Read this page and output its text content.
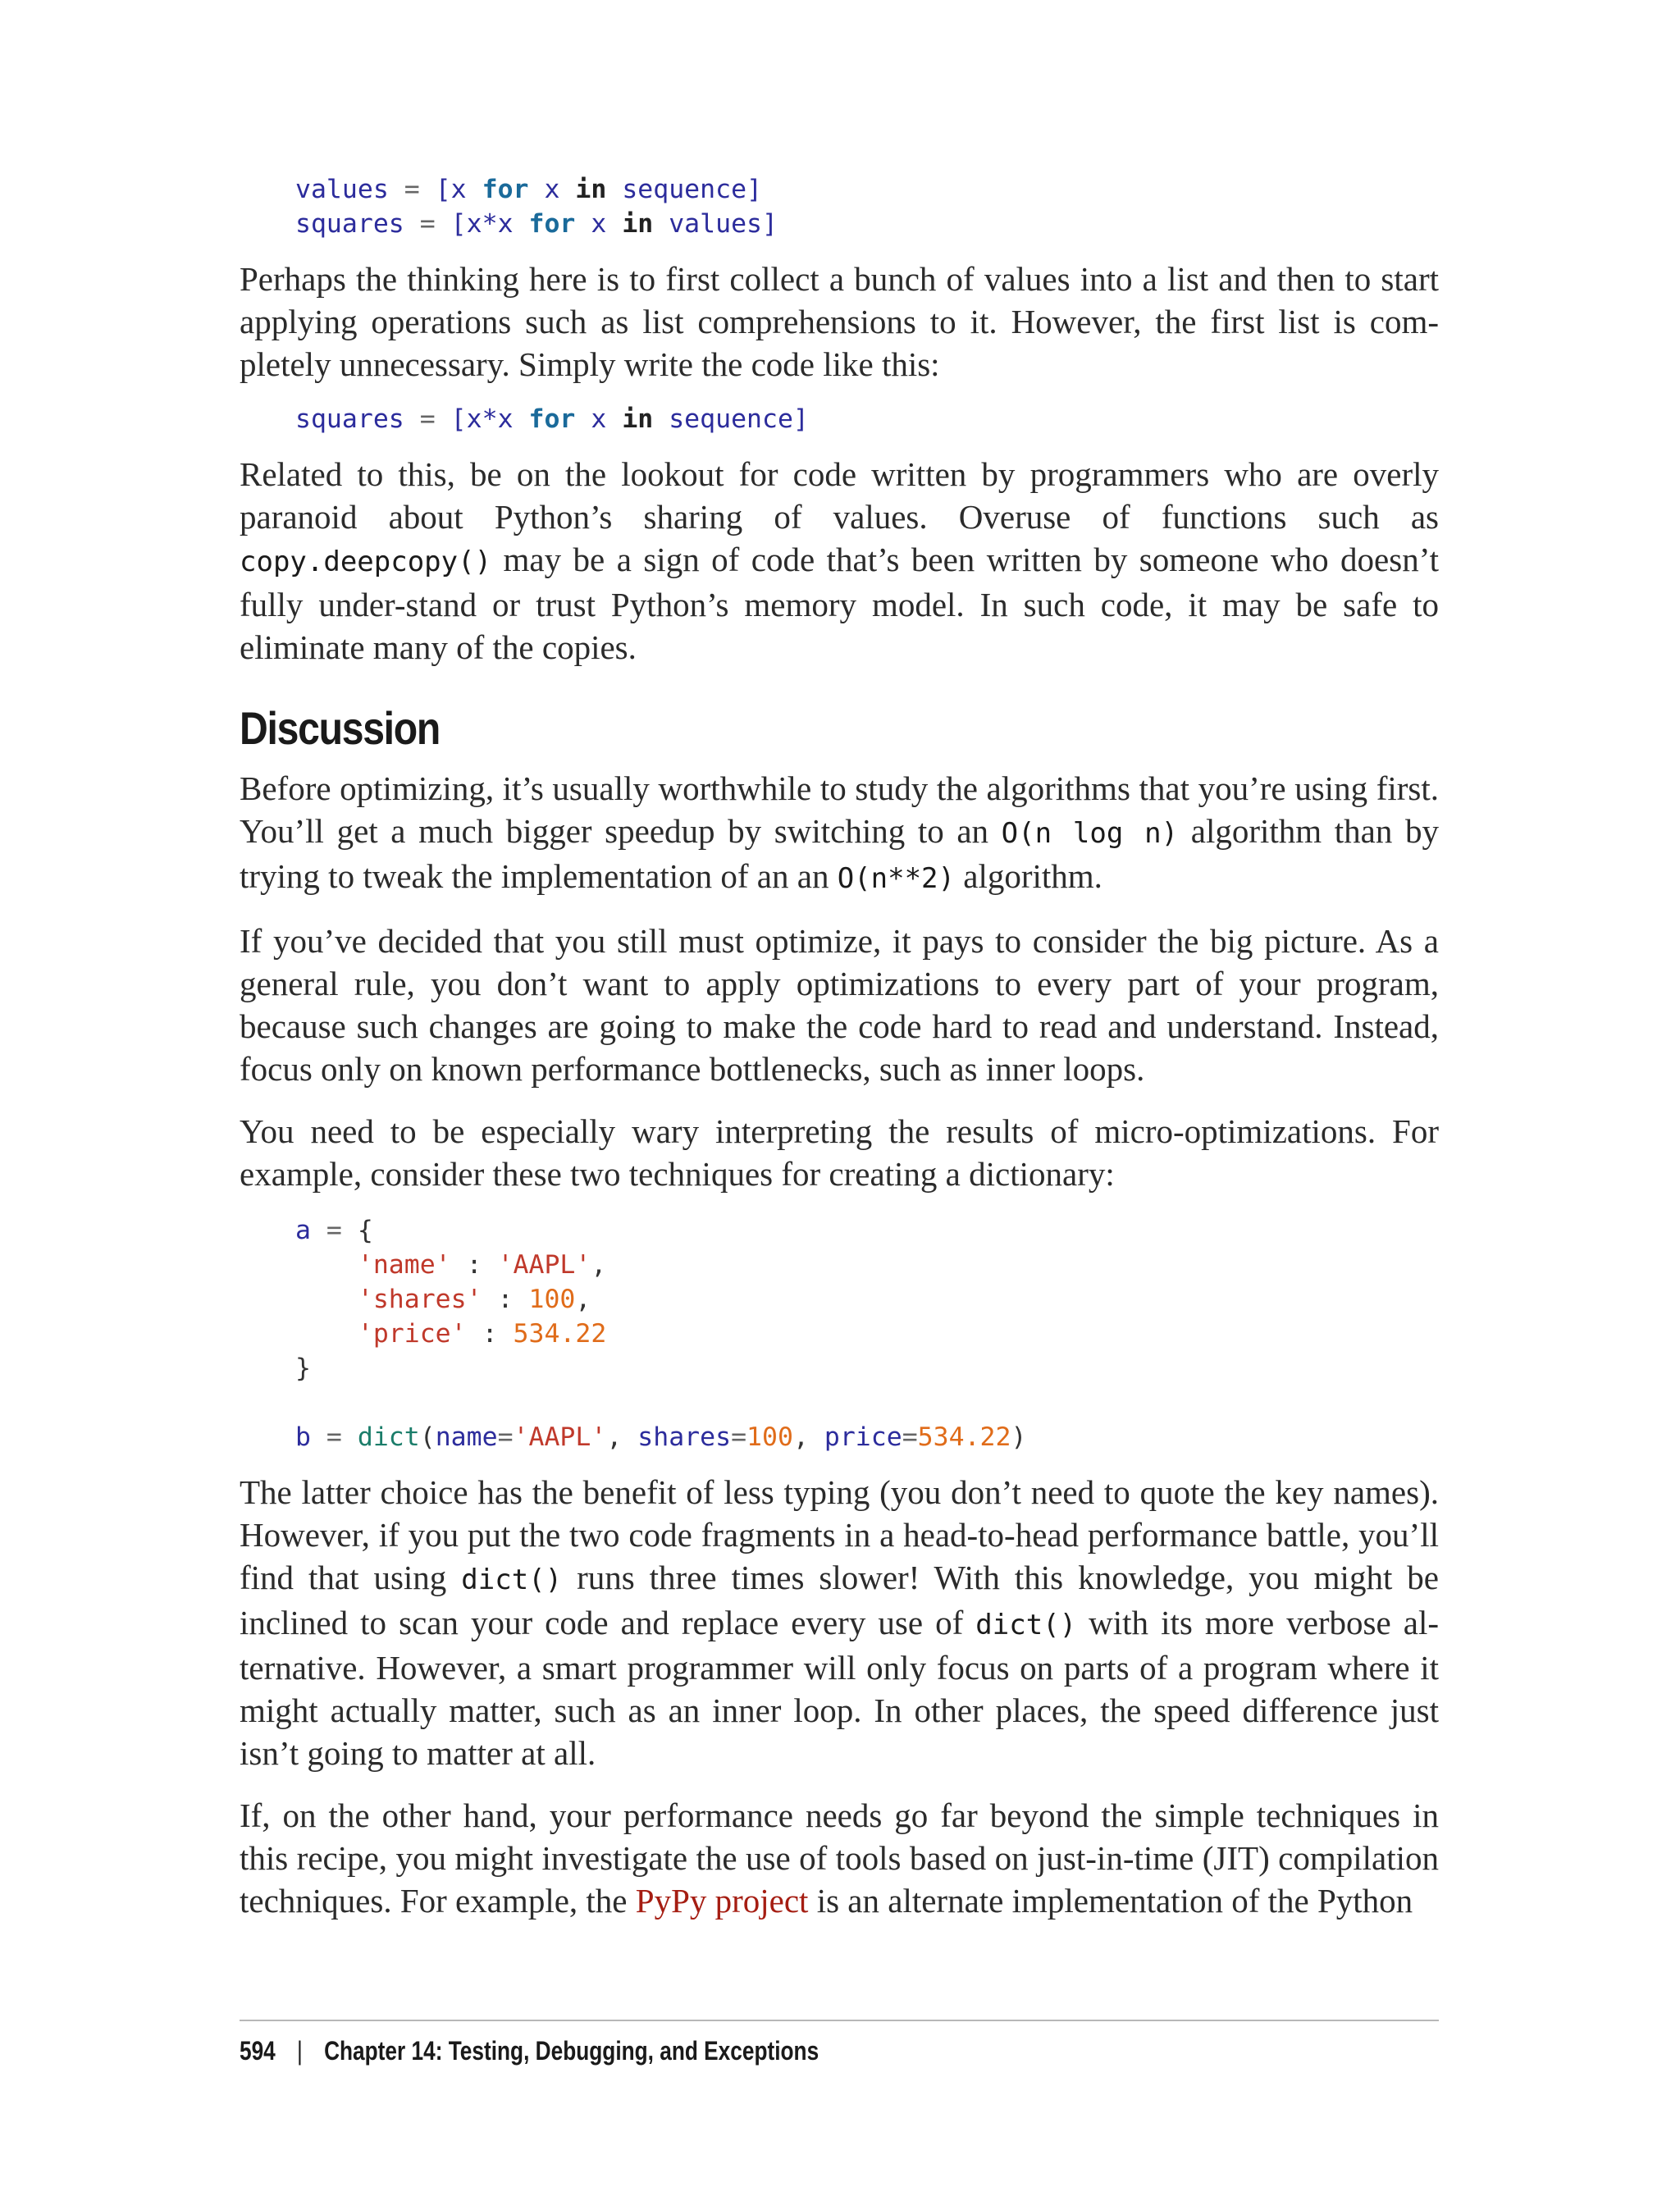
values = [x for x in sequence]
squares = [x*x for x in values]

Perhaps the thinking here is to first collect a bunch of values into a list and then to start applying operations such as list comprehensions to it. However, the first list is com-pletely unnecessary. Simply write the code like this:

squares = [x*x for x in sequence]

Related to this, be on the lookout for code written by programmers who are overly paranoid about Python’s sharing of values. Overuse of functions such as copy.deepcopy() may be a sign of code that’s been written by someone who doesn’t fully under-stand or trust Python’s memory model. In such code, it may be safe to eliminate many of the copies.

Discussion

Before optimizing, it’s usually worthwhile to study the algorithms that you’re using first. You’ll get a much bigger speedup by switching to an O(n log n) algorithm than by trying to tweak the implementation of an an O(n**2) algorithm.

If you’ve decided that you still must optimize, it pays to consider the big picture. As a general rule, you don’t want to apply optimizations to every part of your program, because such changes are going to make the code hard to read and understand. Instead, focus only on known performance bottlenecks, such as inner loops.

You need to be especially wary interpreting the results of micro-optimizations. For example, consider these two techniques for creating a dictionary:

a = {
'name' : 'AAPL',
'shares' : 100,
'price' : 534.22
}

b = dict(name='AAPL', shares=100, price=534.22)

The latter choice has the benefit of less typing (you don’t need to quote the key names). However, if you put the two code fragments in a head-to-head performance battle, you’ll find that using dict() runs three times slower! With this knowledge, you might be inclined to scan your code and replace every use of dict() with its more verbose al-ternative. However, a smart programmer will only focus on parts of a program where it might actually matter, such as an inner loop. In other places, the speed difference just isn’t going to matter at all.

If, on the other hand, your performance needs go far beyond the simple techniques in this recipe, you might investigate the use of tools based on just-in-time (JIT) compilation techniques. For example, the PyPy project is an alternate implementation of the Python

594 | Chapter 14: Testing, Debugging, and Exceptions
